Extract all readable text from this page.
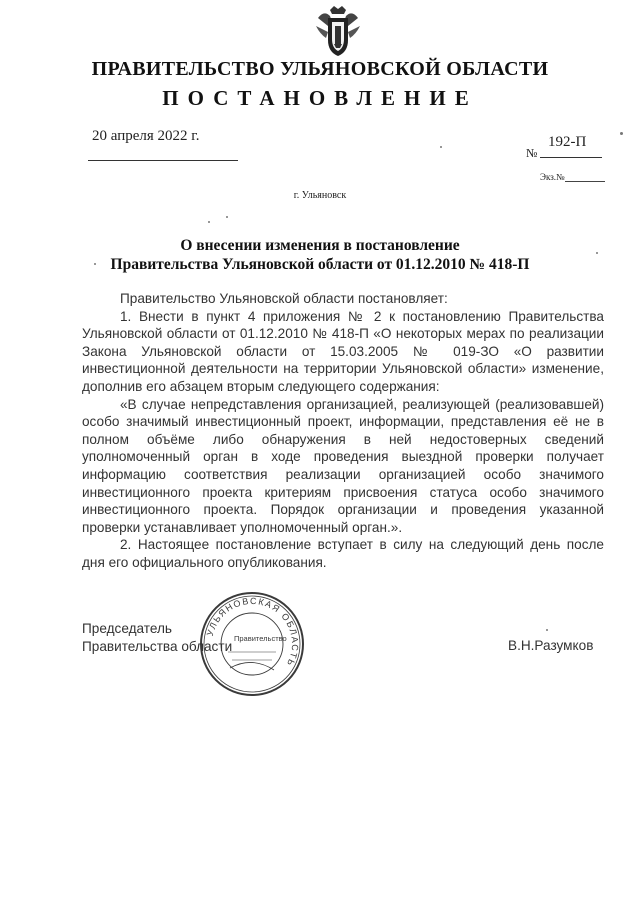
ПРАВИТЕЛЬСТВО УЛЬЯНОВСКОЙ ОБЛАСТИ
ПОСТАНОВЛЕНИЕ
20 апреля 2022 г.	192-П
№
Экз.№
г. Ульяновск
О внесении изменения в постановление
Правительства Ульяновской области от 01.12.2010 № 418-П

Правительство Ульяновской области постановляет:

1. Внести в пункт 4 приложения № 2 к постановлению Правительства Ульяновской области от 01.12.2010 № 418-П «О некоторых мерах по реализации Закона Ульяновской области от 15.03.2005 № 019-ЗО «О развитии инвестиционной деятельности на территории Ульяновской области» изменение, дополнив его абзацем вторым следующего содержания:

«В случае непредставления организацией, реализующей (реализовавшей) особо значимый инвестиционный проект, информации, представления её не в полном объёме либо обнаружения в ней недостоверных сведений уполномоченный орган в ходе проведения выездной проверки получает информацию соответствия реализации организацией особо значимого инвестиционного проекта критериям присвоения статуса особо значимого инвестиционного проекта. Порядок организации и проведения указанной проверки устанавливает уполномоченный орган.».

2. Настоящее постановление вступает в силу на следующий день после дня его официального опубликования.

УЛЬЯНОВСКАЯ ОБЛАСТЬ
Правительство
Председатель
Правительства области	В.Н.Разумков
